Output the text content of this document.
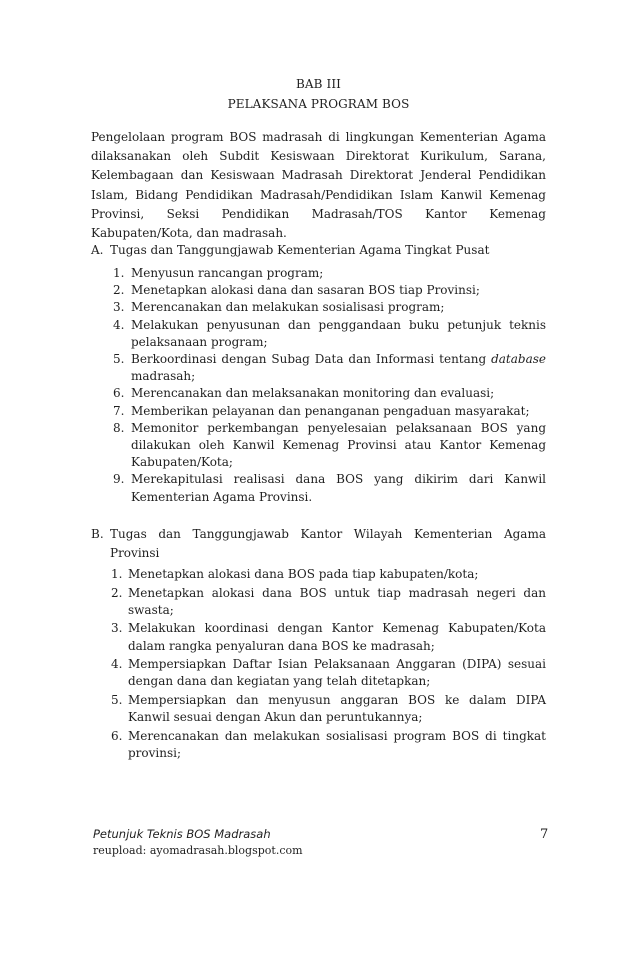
BAB III
PELAKSANA PROGRAM BOS

Pengelolaan program BOS madrasah di lingkungan Kementerian Agama dilaksanakan oleh Subdit Kesiswaan Direktorat Kurikulum, Sarana, Kelembagaan dan Kesiswaan Madrasah Direktorat Jenderal Pendidikan Islam, Bidang Pendidikan Madrasah/Pendidikan Islam Kanwil Kemenag Provinsi, Seksi Pendidikan Madrasah/TOS Kantor Kemenag Kabupaten/Kota, dan madrasah.

A. Tugas dan Tanggungjawab Kementerian Agama Tingkat Pusat
1. Menyusun rancangan program;
2. Menetapkan alokasi dana dan sasaran BOS tiap Provinsi;
3. Merencanakan dan melakukan sosialisasi program;
4. Melakukan penyusunan dan penggandaan buku petunjuk teknis pelaksanaan program;
5. Berkoordinasi dengan Subag Data dan Informasi tentang database madrasah;
6. Merencanakan dan melaksanakan monitoring dan evaluasi;
7. Memberikan pelayanan dan penanganan pengaduan masyarakat;
8. Memonitor perkembangan penyelesaian pelaksanaan BOS yang dilakukan oleh Kanwil Kemenag Provinsi atau Kantor Kemenag Kabupaten/Kota;
9. Merekapitulasi realisasi dana BOS yang dikirim dari Kanwil Kementerian Agama Provinsi.
B. Tugas dan Tanggungjawab Kantor Wilayah Kementerian Agama Provinsi
1. Menetapkan alokasi dana BOS pada tiap kabupaten/kota;
2. Menetapkan alokasi dana BOS untuk tiap madrasah negeri dan swasta;
3. Melakukan koordinasi dengan Kantor Kemenag Kabupaten/Kota dalam rangka penyaluran dana BOS ke madrasah;
4. Mempersiapkan Daftar Isian Pelaksanaan Anggaran (DIPA) sesuai dengan dana dan kegiatan yang telah ditetapkan;
5. Mempersiapkan dan menyusun anggaran BOS ke dalam DIPA Kanwil sesuai dengan Akun dan peruntukannya;
6. Merencanakan dan melakukan sosialisasi program BOS di tingkat provinsi;
Petunjuk Teknis BOS Madrasah	7
reupload: ayomadrasah.blogspot.com
